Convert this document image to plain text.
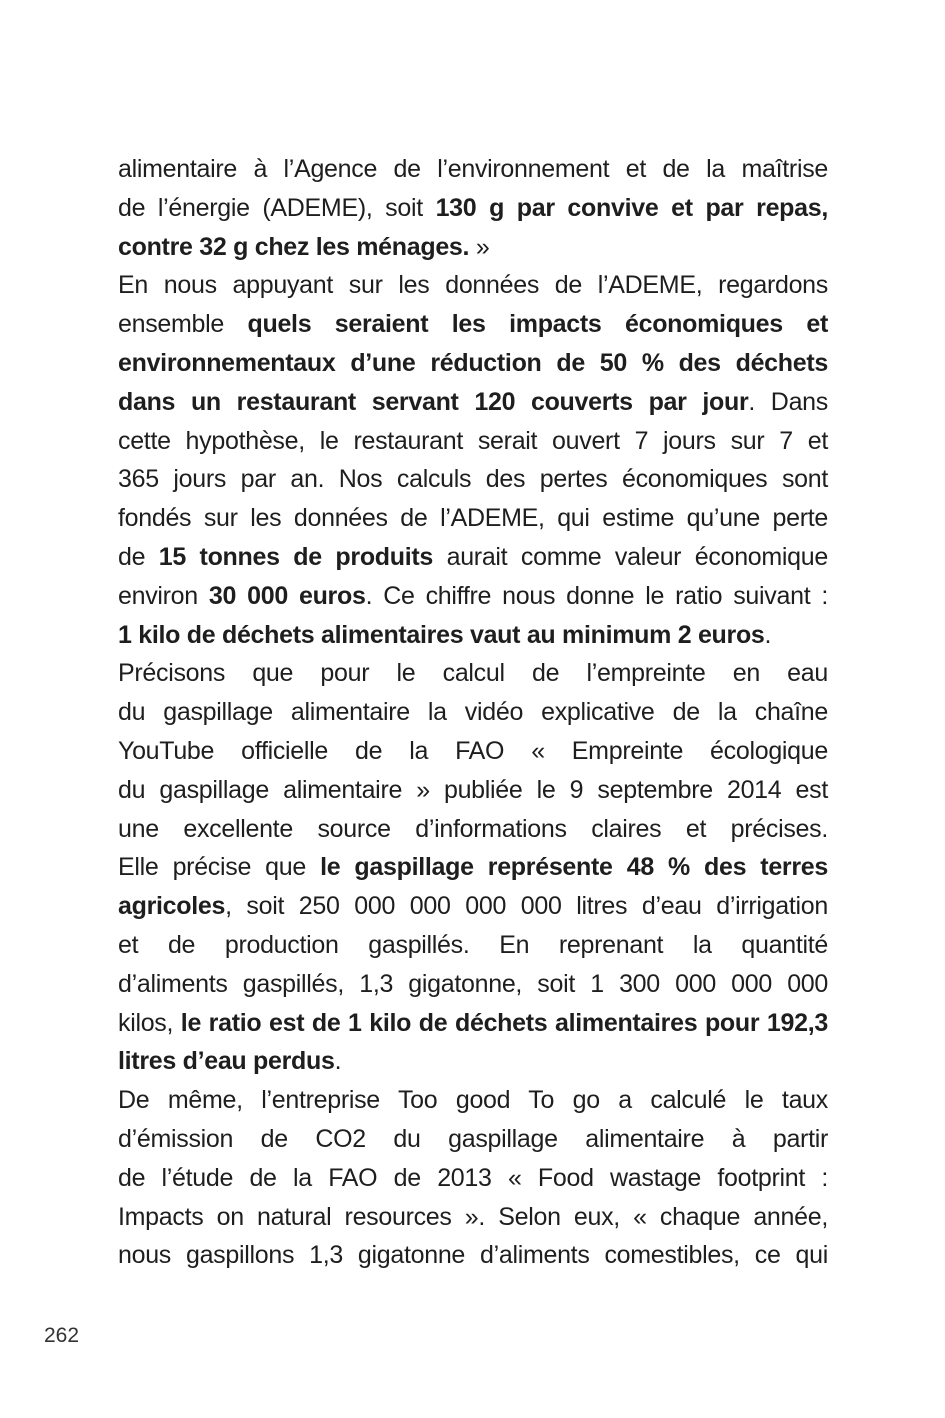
alimentaire à l’Agence de l’environnement et de la maîtrise
de l’énergie (ADEME), soit 130 g par convive et par repas,
contre 32 g chez les ménages. »
En nous appuyant sur les données de l’ADEME, regardons
ensemble quels seraient les impacts économiques et
environnementaux d’une réduction de 50 % des déchets
dans un restaurant servant 120 couverts par jour. Dans
cette hypothèse, le restaurant serait ouvert 7 jours sur 7 et
365 jours par an. Nos calculs des pertes économiques sont
fondés sur les données de l’ADEME, qui estime qu’une perte
de 15 tonnes de produits aurait comme valeur économique
environ 30 000 euros. Ce chiffre nous donne le ratio suivant :
1 kilo de déchets alimentaires vaut au minimum 2 euros.
Précisons que pour le calcul de l’empreinte en eau
du gaspillage alimentaire la vidéo explicative de la chaîne
YouTube officielle de la FAO « Empreinte écologique
du gaspillage alimentaire » publiée le 9 septembre 2014 est
une excellente source d’informations claires et précises.
Elle précise que le gaspillage représente 48 % des terres
agricoles, soit 250 000 000 000 000 litres d’eau d’irrigation
et de production gaspillés. En reprenant la quantité
d’aliments gaspillés, 1,3 gigatonne, soit 1 300 000 000 000
kilos, le ratio est de 1 kilo de déchets alimentaires pour 192,3
litres d’eau perdus.
De même, l’entreprise Too good To go a calculé le taux
d’émission de CO2 du gaspillage alimentaire à partir
de l’étude de la FAO de 2013 « Food wastage footprint :
Impacts on natural resources ». Selon eux, « chaque année,
nous gaspillons 1,3 gigatonne d’aliments comestibles, ce qui
262
